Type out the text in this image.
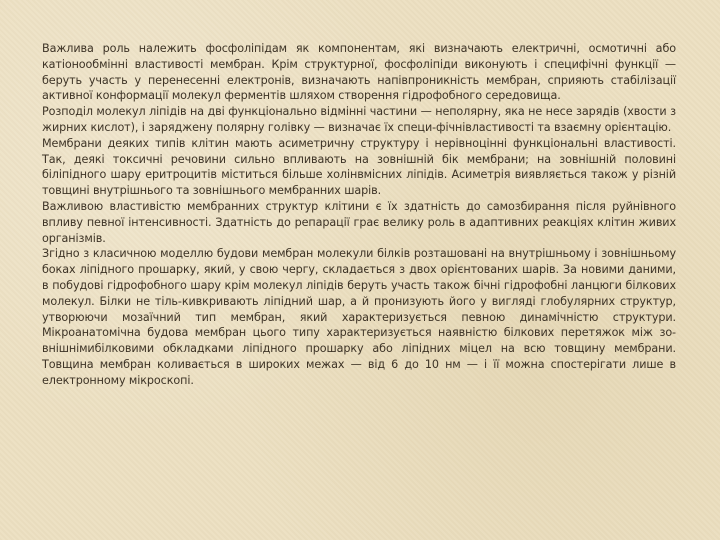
Важлива роль належить фосфоліпідам як компонентам, які визначають електричні, осмотичні або катіонообмінні властивості мембран. Крім структурної, фосфоліпіди виконують і специфічні функції — беруть участь у перенесенні електронів, визначають напівпроникність мембран, сприяють стабілізації активної конформації молекул ферментів шляхом створення гідрофобного середовища.

Розподіл молекул ліпідів на дві функціонально відмінні частини — неполярну, яка не несе зарядів (хвости з жирних кислот), і заряджену полярну голівку — визначає їх специ-фічнівластивості та взаємну орієнтацію.

Мембрани деяких типів клітин мають асиметричну структуру і нерівноцінні функціональні властивості. Так, деякі токсичні речовини сильно впливають на зовнішній бік мембрани; на зовнішній половині біліпідного шару еритроцитів міститься більше холінвмісних ліпідів. Асиметрія виявляється також у різній товщині внутрішнього та зовнішнього мембранних шарів.

Важливою властивістю мембранних структур клітини є їх здатність до самозбирання після руйнівного впливу певної інтенсивності. Здатність до репарації грає велику роль в адаптивних реакціях клітин живих організмів.

Згідно з класичною моделлю будови мембран молекули білків розташовані на внутрішньому і зовнішньому боках ліпідного прошарку, який, у свою чергу, складається з двох орієнтованих шарів. За новими даними, в побудові гідрофобного шару крім молекул ліпідів беруть участь також бічні гідрофобні ланцюги білкових молекул. Білки не тіль-кивкривають ліпідний шар, а й пронизують його у вигляді глобулярних структур, утворюючи мозаїчний тип мембран, який характеризується певною динамічністю структури. Мікроанатомічна будова мембран цього типу характеризується наявністю білкових перетяжок між зо-внішнімибілковими обкладками ліпідного прошарку або ліпідних міцел на всю товщину мембрани. Товщина мембран коливається в широких межах — від 6 до 10 нм — і її можна спостерігати лише в електронному мікроскопі.
